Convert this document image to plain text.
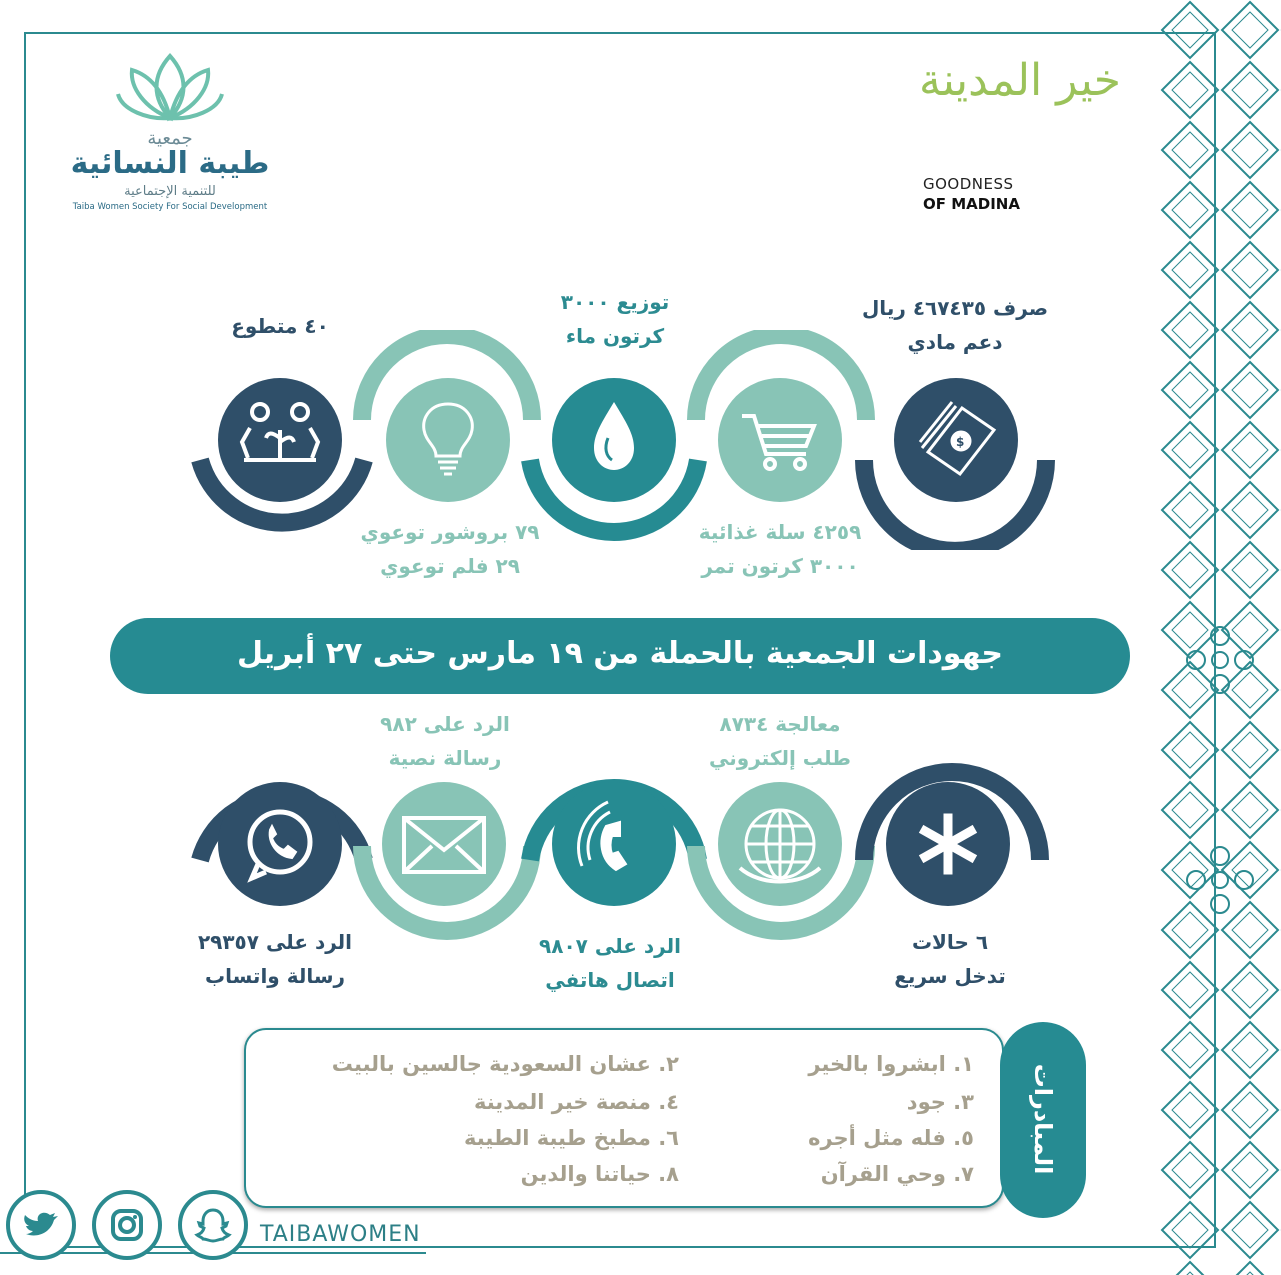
جمعية
طيبة النسائية
للتنمية الإجتماعية
Taiba Women Society For Social Development
خير المدينة
GOODNESS
OF MADINA
$
٤٠ متطوع
توزيع ٣٠٠٠
كرتون ماء
صرف ٤٦٧٤٣٥ ريال
دعم مادي
٧٩ بروشور توعوي
٢٩ فلم توعوي
٤٢٥٩ سلة غذائية
٣٠٠٠ كرتون تمر
جهودات الجمعية بالحملة من ١٩ مارس حتى ٢٧ أبريل
الرد على ٩٨٢
رسالة نصية
معالجة ٨٧٣٤
طلب إلكتروني
الرد على ٢٩٣٥٧
رسالة واتساب
الرد على ٩٨٠٧
اتصال هاتفي
٦ حالات
تدخل سريع
المبادرات
١. ابشروا بالخير
٢. عشان السعودية جالسين بالبيت
٣. جود
٤. منصة خير المدينة
٥. فله مثل أجره
٦. مطبخ طيبة الطيبة
٧. وحي القرآن
٨. حياتنا والدين
TAIBAWOMEN
